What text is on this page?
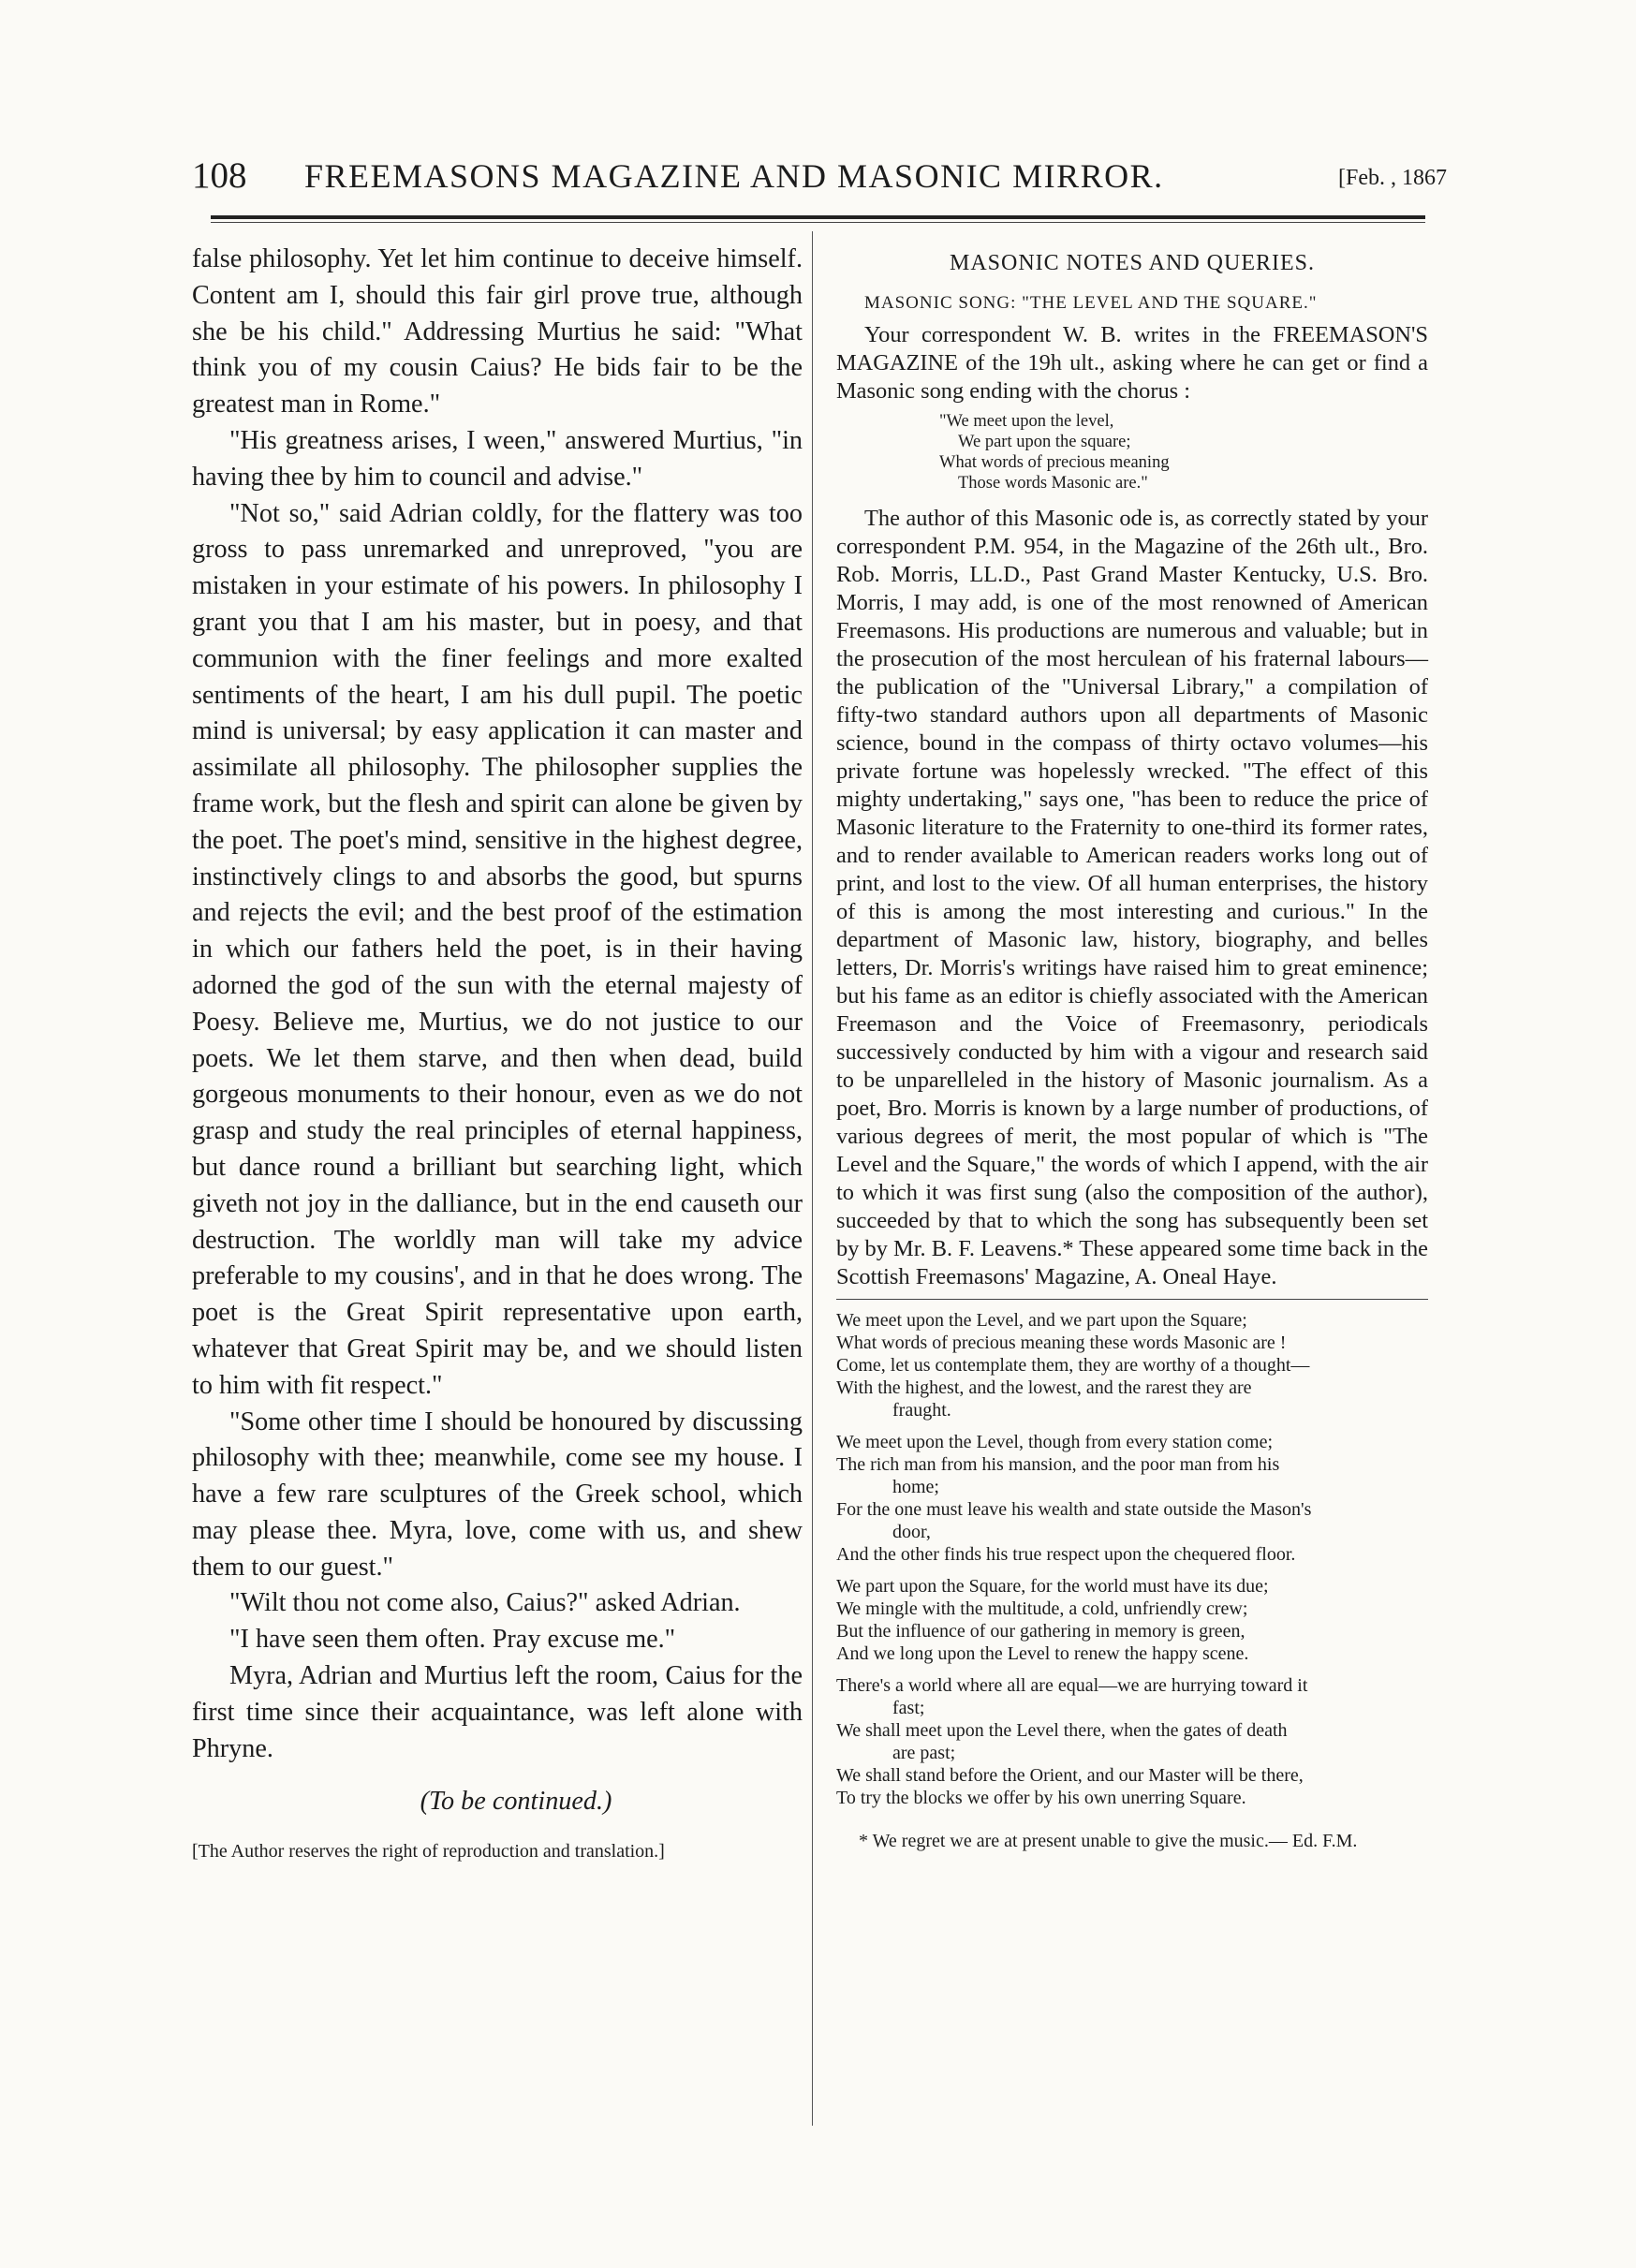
108 FREEMASONS MAGAZINE AND MASONIC MIRROR.	[Feb. , 1867

false philosophy. Yet let him continue to deceive himself. Content am I, should this fair girl prove true, although she be his child." Addressing Murtius he said: "What think you of my cousin Caius? He bids fair to be the greatest man in Rome."

"His greatness arises, I ween," answered Murtius, "in having thee by him to council and advise."

"Not so," said Adrian coldly, for the flattery was too gross to pass unremarked and unreproved, "you are mistaken in your estimate of his powers. In philosophy I grant you that I am his master, but in poesy, and that communion with the finer feelings and more exalted sentiments of the heart, I am his dull pupil. The poetic mind is universal; by easy application it can master and assimilate all philosophy. The philosopher supplies the frame work, but the flesh and spirit can alone be given by the poet. The poet's mind, sensitive in the highest degree, instinctively clings to and absorbs the good, but spurns and rejects the evil; and the best proof of the estimation in which our fathers held the poet, is in their having adorned the god of the sun with the eternal majesty of Poesy. Believe me, Murtius, we do not justice to our poets. We let them starve, and then when dead, build gorgeous monuments to their honour, even as we do not grasp and study the real principles of eternal happiness, but dance round a brilliant but searching light, which giveth not joy in the dalliance, but in the end causeth our destruction. The worldly man will take my advice preferable to my cousins', and in that he does wrong. The poet is the Great Spirit representative upon earth, whatever that Great Spirit may be, and we should listen to him with fit respect."

"Some other time I should be honoured by discussing philosophy with thee; meanwhile, come see my house. I have a few rare sculptures of the Greek school, which may please thee. Myra, love, come with us, and shew them to our guest."

"Wilt thou not come also, Caius?" asked Adrian.

"I have seen them often. Pray excuse me."

Myra, Adrian and Murtius left the room, Caius for the first time since their acquaintance, was left alone with Phryne.

(To be continued.)

[The Author reserves the right of reproduction and translation.]

MASONIC NOTES AND QUERIES.
MASONIC SONG: "THE LEVEL AND THE SQUARE."

Your correspondent W. B. writes in the FREEMASON'S MAGAZINE of the 19h ult., asking where he can get or find a Masonic song ending with the chorus :

"We meet upon the level,
We part upon the square;
What words of precious meaning
Those words Masonic are."

The author of this Masonic ode is, as correctly stated by your correspondent P.M. 954, in the Magazine of the 26th ult., Bro. Rob. Morris, LL.D., Past Grand Master Kentucky, U.S. Bro. Morris, I may add, is one of the most renowned of American Freemasons. His productions are numerous and valuable; but in the prosecution of the most herculean of his fraternal labours—the publication of the "Universal Library," a compilation of fifty-two standard authors upon all departments of Masonic science, bound in the compass of thirty octavo volumes—his private fortune was hopelessly wrecked. "The effect of this mighty undertaking," says one, "has been to reduce the price of Masonic literature to the Fraternity to one-third its former rates, and to render available to American readers works long out of print, and lost to the view. Of all human enterprises, the history of this is among the most interesting and curious." In the department of Masonic law, history, biography, and belles letters, Dr. Morris's writings have raised him to great eminence; but his fame as an editor is chiefly associated with the American Freemason and the Voice of Freemasonry, periodicals successively conducted by him with a vigour and research said to be unparelleled in the history of Masonic journalism. As a poet, Bro. Morris is known by a large number of productions, of various degrees of merit, the most popular of which is "The Level and the Square," the words of which I append, with the air to which it was first sung (also the composition of the author), succeeded by that to which the song has subsequently been set by by Mr. B. F. Leavens.* These appeared some time back in the Scottish Freemasons' Magazine, A. Oneal Haye.

We meet upon the Level, and we part upon the Square;
What words of precious meaning these words Masonic are !
Come, let us contemplate them, they are worthy of a thought—
With the highest, and the lowest, and the rarest they are
fraught.
We meet upon the Level, though from every station come;
The rich man from his mansion, and the poor man from his
home;
For the one must leave his wealth and state outside the Mason's
door,
And the other finds his true respect upon the chequered floor.
We part upon the Square, for the world must have its due;
We mingle with the multitude, a cold, unfriendly crew;
But the influence of our gathering in memory is green,
And we long upon the Level to renew the happy scene.
There's a world where all are equal—we are hurrying toward it
fast;
We shall meet upon the Level there, when the gates of death
are past;
We shall stand before the Orient, and our Master will be there,
To try the blocks we offer by his own unerring Square.
* We regret we are at present unable to give the music.— Ed. F.M.
